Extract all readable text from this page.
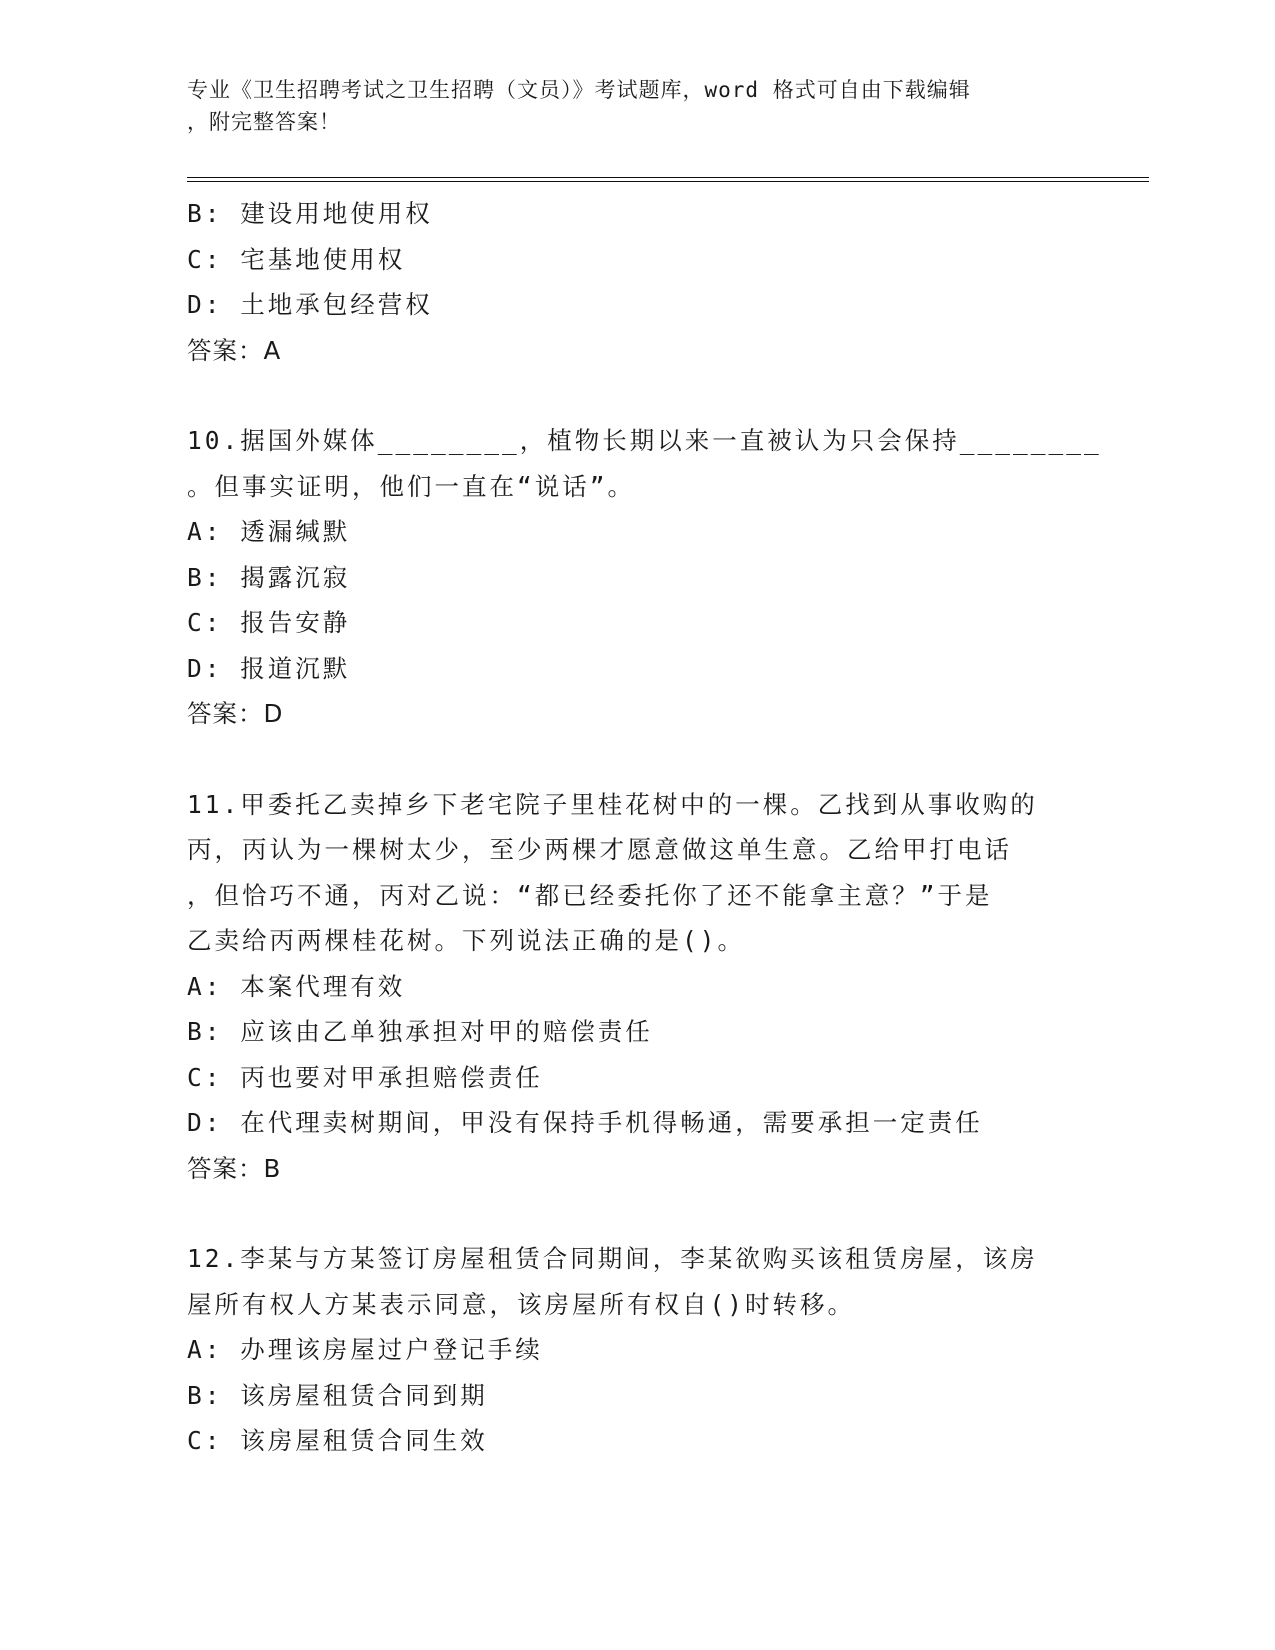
专业《卫生招聘考试之卫生招聘（文员）》考试题库，word 格式可自由下载编辑
，附完整答案！
B: 建设用地使用权
C: 宅基地使用权
D: 土地承包经营权
答案：A
10.据国外媒体________，植物长期以来一直被认为只会保持________
。但事实证明，他们一直在“说话”。
A: 透漏缄默
B: 揭露沉寂
C: 报告安静
D: 报道沉默
答案：D
11.甲委托乙卖掉乡下老宅院子里桂花树中的一棵。乙找到从事收购的
丙，丙认为一棵树太少，至少两棵才愿意做这单生意。乙给甲打电话
，但恰巧不通，丙对乙说：“都已经委托你了还不能拿主意？”于是
乙卖给丙两棵桂花树。下列说法正确的是()。
A: 本案代理有效
B: 应该由乙单独承担对甲的赔偿责任
C: 丙也要对甲承担赔偿责任
D: 在代理卖树期间，甲没有保持手机得畅通，需要承担一定责任
答案：B
12.李某与方某签订房屋租赁合同期间，李某欲购买该租赁房屋，该房
屋所有权人方某表示同意，该房屋所有权自()时转移。
A: 办理该房屋过户登记手续
B: 该房屋租赁合同到期
C: 该房屋租赁合同生效
